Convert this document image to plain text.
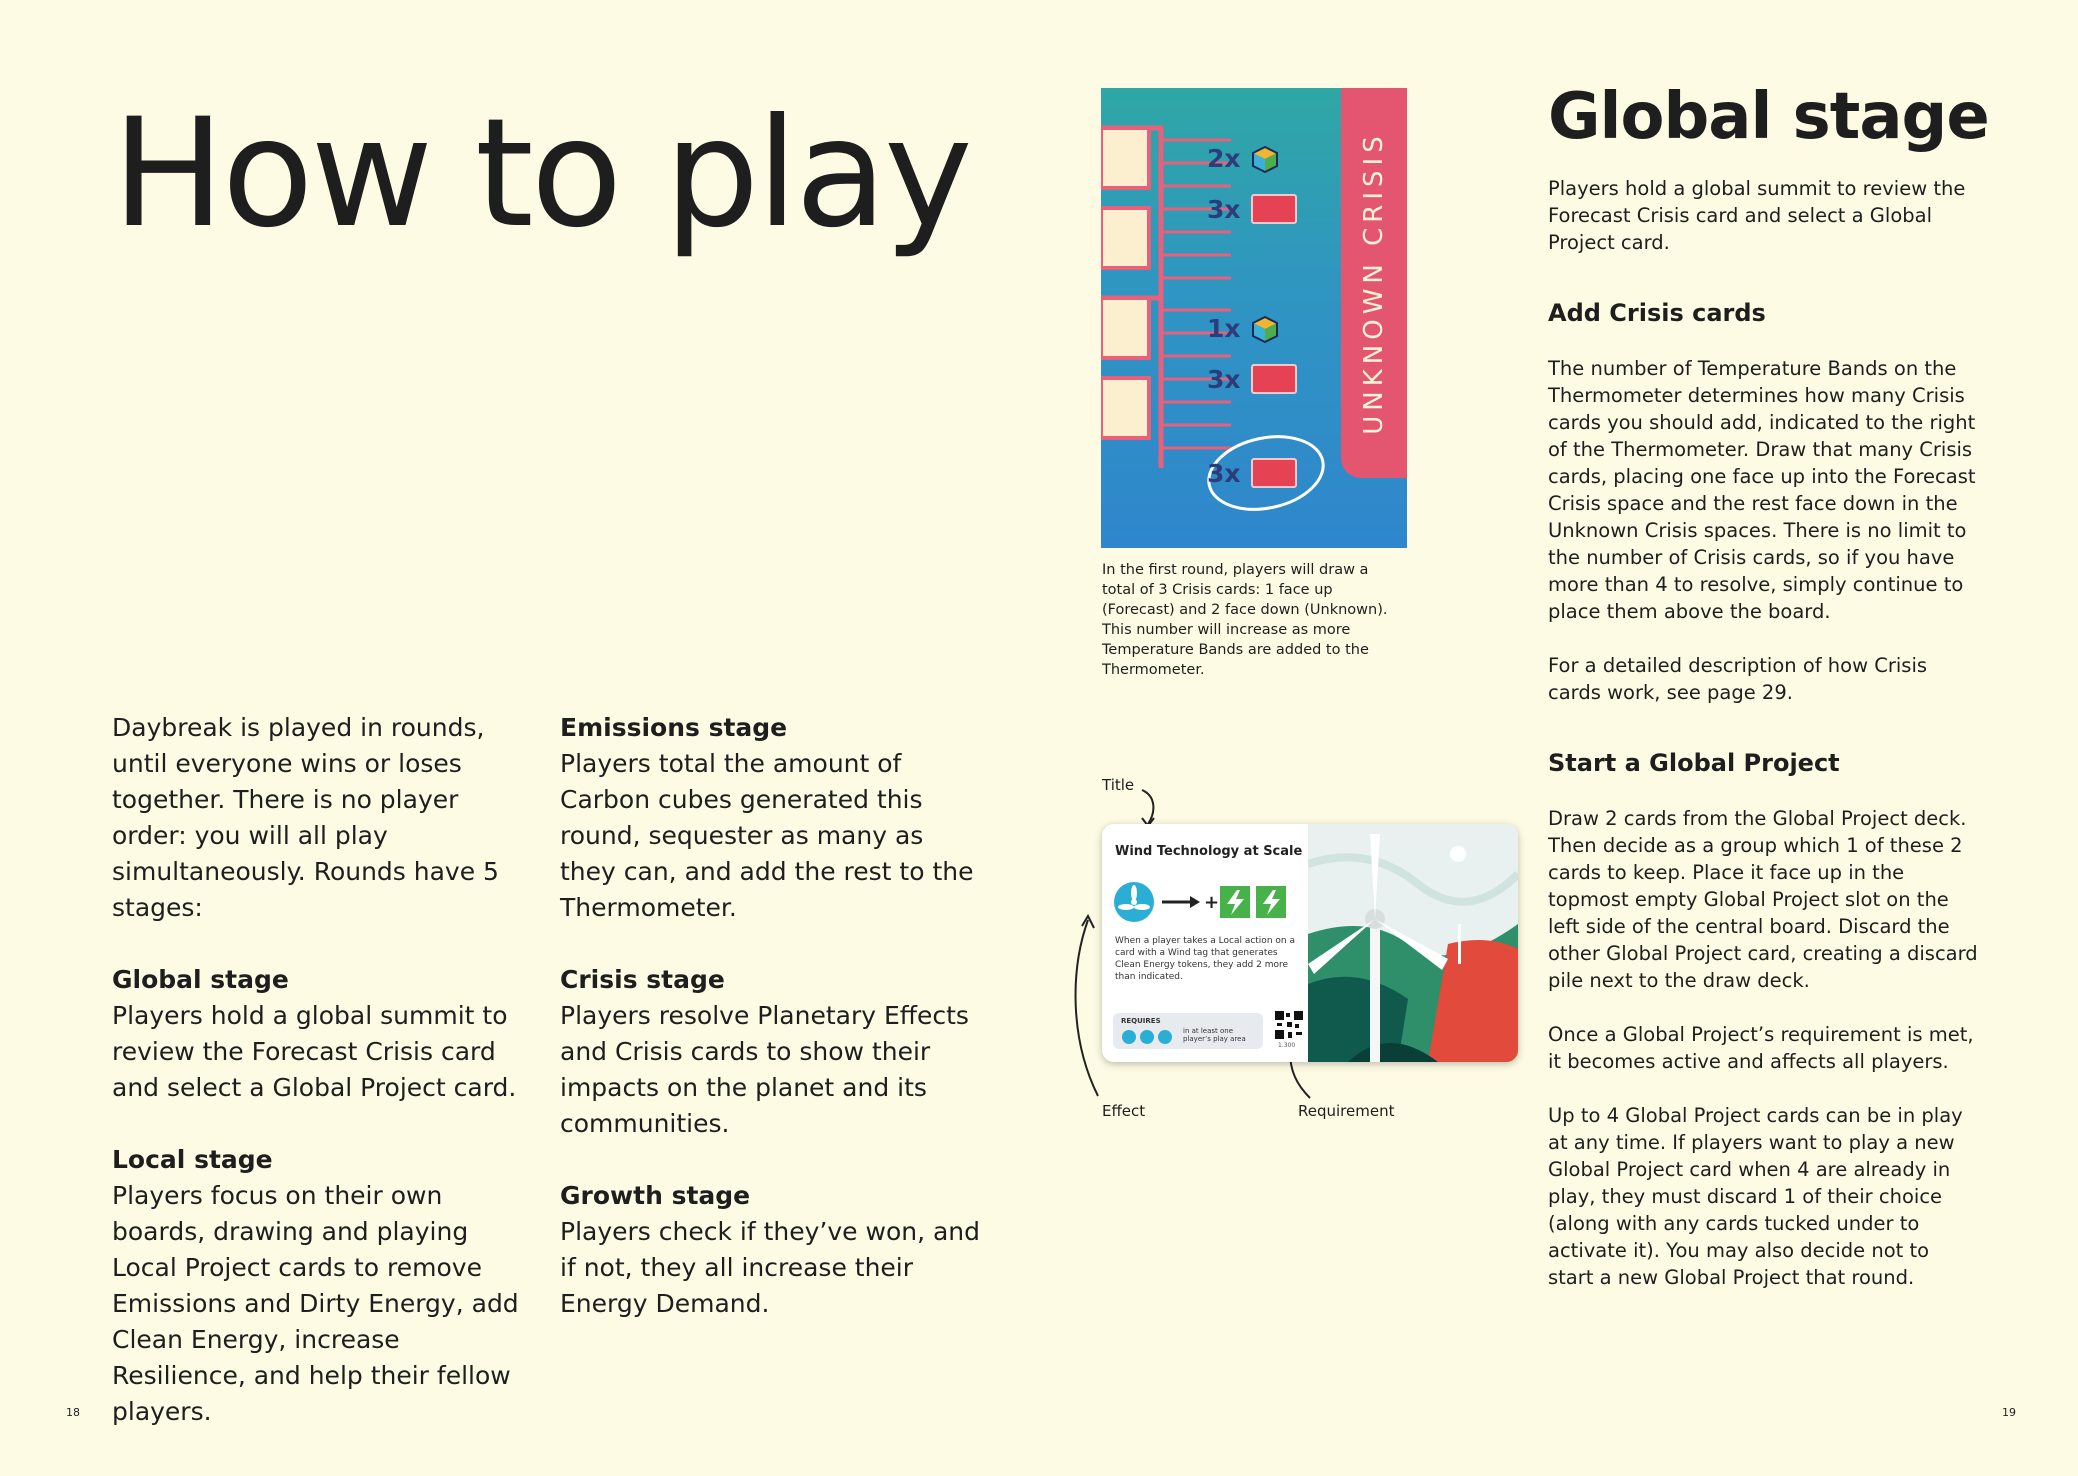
How to play

Daybreak is played in rounds, until everyone wins or loses together. There is no player order: you will all play simultaneously. Rounds have 5 stages:

Global stage

Players hold a global summit to review the Forecast Crisis card and select a Global Project card.

Local stage

Players focus on their own boards, drawing and playing Local Project cards to remove Emissions and Dirty Energy, add Clean Energy, increase Resilience, and help their fellow players.

Emissions stage

Players total the amount of Carbon cubes generated this round, sequester as many as they can, and add the rest to the Thermometer.

Crisis stage

Players resolve Planetary Effects and Crisis cards to show their impacts on the planet and its communities.

Growth stage

Players check if they’ve won, and if not, they all increase their Energy Demand.

18
UNKNOWN CRISIS
2x
3x
1x
3x
3x
In the first round, players will draw a total of 3 Crisis cards: 1 face up (Forecast) and 2 face down (Unknown). This number will increase as more Temperature Bands are added to the Thermometer.
Title
Effect	Requirement
Wind Technology at Scale
+
When a player takes a Local action on a card with a Wind tag that generates Clean Energy tokens, they add 2 more than indicated.
REQUIRES
in at least one player’s play area
1.300
Global stage

Players hold a global summit to review the Forecast Crisis card and select a Global Project card.

Add Crisis cards

The number of Temperature Bands on the Thermometer determines how many Crisis cards you should add, indicated to the right of the Thermometer. Draw that many Crisis cards, placing one face up into the Forecast Crisis space and the rest face down in the Unknown Crisis spaces. There is no limit to the number of Crisis cards, so if you have more than 4 to resolve, simply continue to place them above the board.

For a detailed description of how Crisis cards work, see page 29.

Start a Global Project

Draw 2 cards from the Global Project deck. Then decide as a group which 1 of these 2 cards to keep. Place it face up in the topmost empty Global Project slot on the left side of the central board. Discard the other Global Project card, creating a discard pile next to the draw deck.

Once a Global Project’s requirement is met, it becomes active and affects all players.

Up to 4 Global Project cards can be in play at any time. If players want to play a new Global Project card when 4 are already in play, they must discard 1 of their choice (along with any cards tucked under to activate it). You may also decide not to start a new Global Project that round.

19
